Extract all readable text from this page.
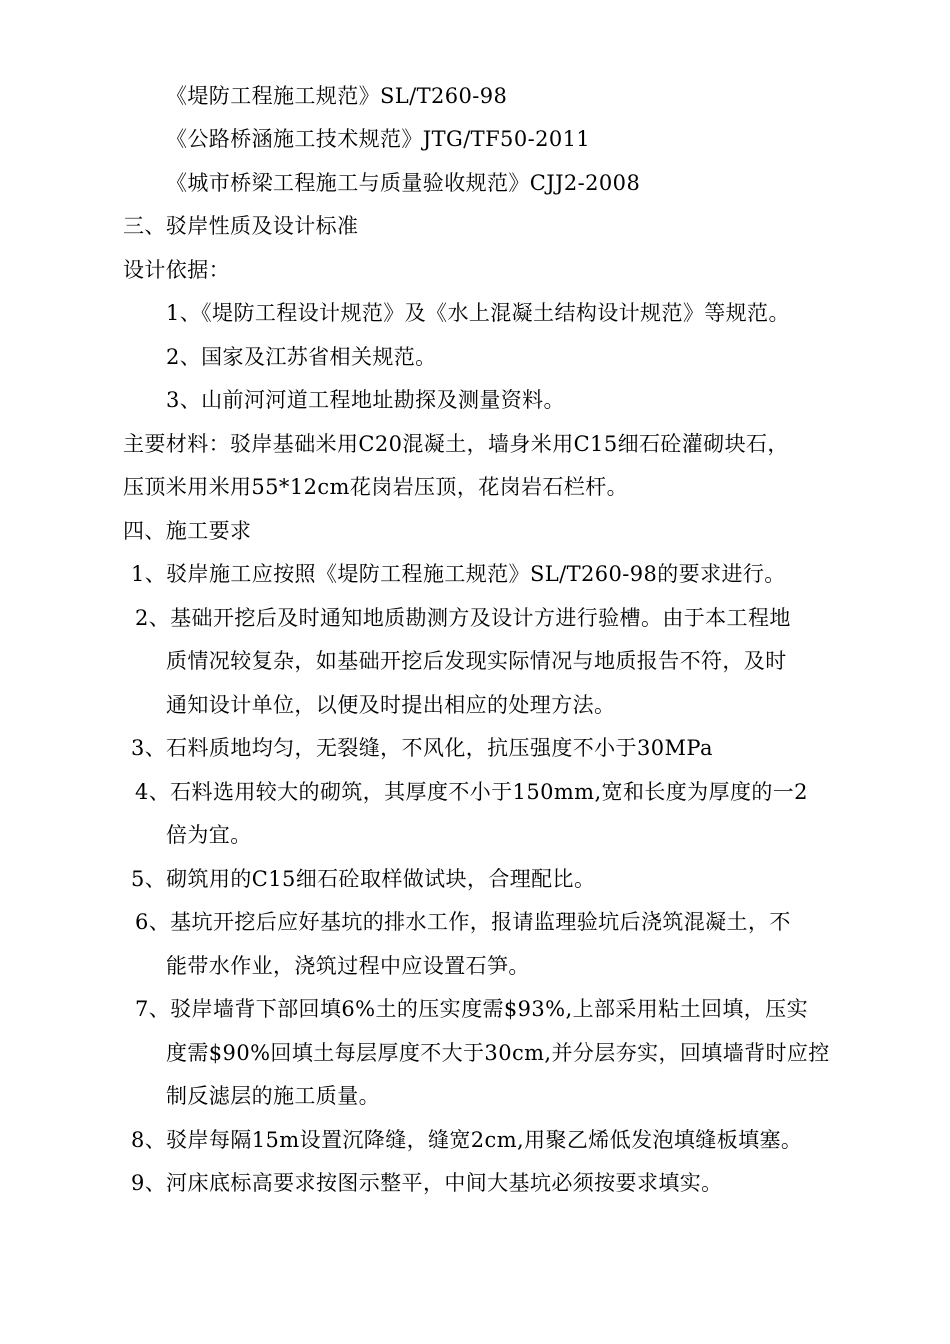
《堤防工程施工规范》SL/T260-98
《公路桥涵施工技术规范》JTG/TF50-2011
《城市桥梁工程施工与质量验收规范》CJJ2-2008
三、驳岸性质及设计标准
设计依据：
1、《堤防工程设计规范》及《水上混凝土结构设计规范》等规范。
2、国家及江苏省相关规范。
3、山前河河道工程地址勘探及测量资料。
主要材料：驳岸基础米用C20混凝土，墙身米用C15细石砼灌砌块石，
压顶米用米用55*12cm花岗岩压顶，花岗岩石栏杆。
四、施工要求
1、驳岸施工应按照《堤防工程施工规范》SL/T260-98的要求进行。
2、基础开挖后及时通知地质勘测方及设计方进行验槽。由于本工程地
质情况较复杂，如基础开挖后发现实际情况与地质报告不符，及时
通知设计单位，以便及时提出相应的处理方法。
3、石料质地均匀，无裂缝，不风化，抗压强度不小于30MPa
4、石料选用较大的砌筑，其厚度不小于150mm,宽和长度为厚度的一2
倍为宜。
5、砌筑用的C15细石砼取样做试块，合理配比。
6、基坑开挖后应好基坑的排水工作，报请监理验坑后浇筑混凝土，不
能带水作业，浇筑过程中应设置石笋。
7、驳岸墙背下部回填6%土的压实度需$93%,上部采用粘土回填，压实
度需$90%回填土每层厚度不大于30cm,并分层夯实，回填墙背时应控
制反滤层的施工质量。
8、驳岸每隔15m设置沉降缝，缝宽2cm,用聚乙烯低发泡填缝板填塞。
9、河床底标高要求按图示整平，中间大基坑必须按要求填实。
